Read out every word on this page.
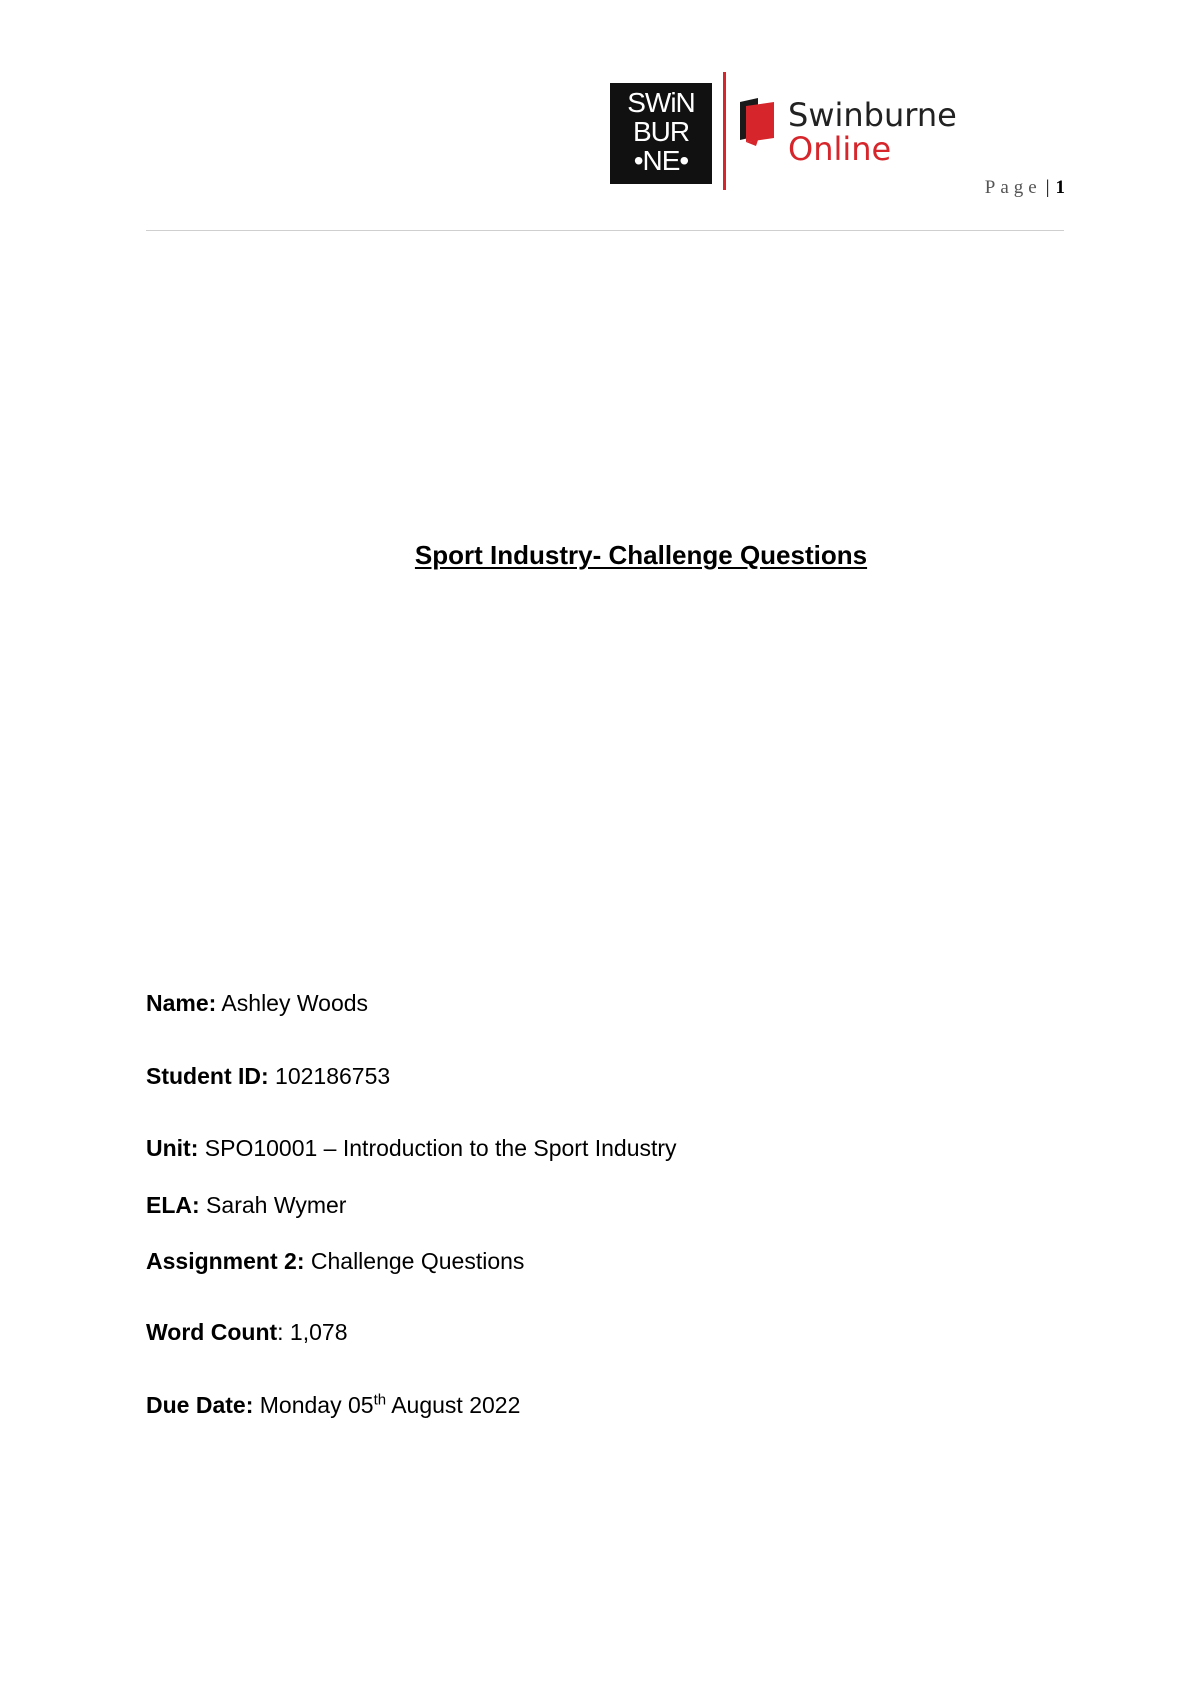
SWiN
BUR
•NE•
Swinburne
Online
Page | 1
Sport Industry- Challenge Questions
Name: Ashley Woods
Student ID: 102186753
Unit: SPO10001 – Introduction to the Sport Industry
ELA: Sarah Wymer
Assignment 2: Challenge Questions
Word Count: 1,078
Due Date: Monday 05th August 2022
